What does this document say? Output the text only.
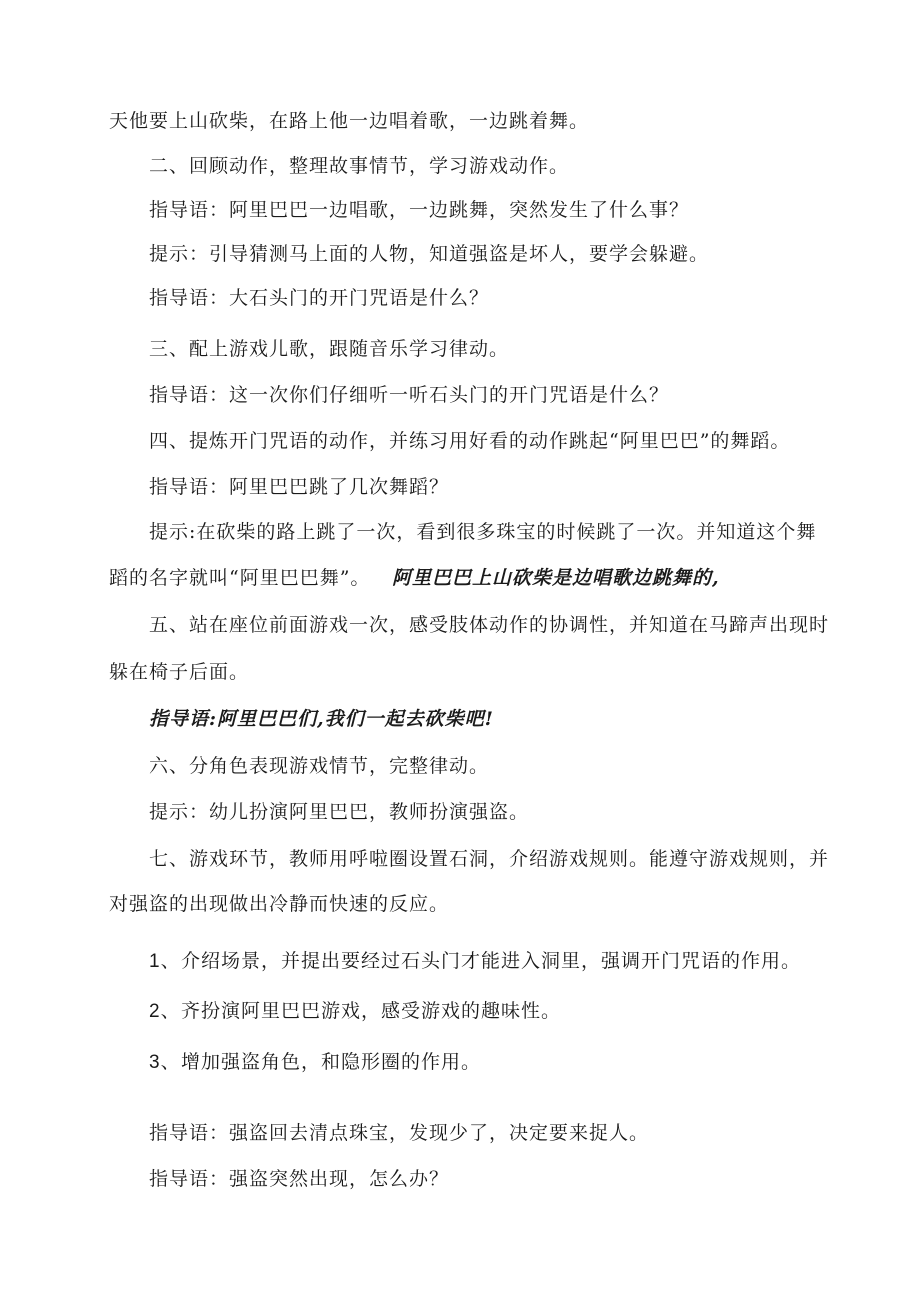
天他要上山砍柴，在路上他一边唱着歌，一边跳着舞。
二、回顾动作，整理故事情节，学习游戏动作。
指导语：阿里巴巴一边唱歌，一边跳舞，突然发生了什么事？
提示：引导猜测马上面的人物，知道强盗是坏人，要学会躲避。
指导语：大石头门的开门咒语是什么？
三、配上游戏儿歌，跟随音乐学习律动。
指导语：这一次你们仔细听一听石头门的开门咒语是什么？
四、提炼开门咒语的动作，并练习用好看的动作跳起“阿里巴巴”的舞蹈。
指导语：阿里巴巴跳了几次舞蹈？
提示:在砍柴的路上跳了一次，看到很多珠宝的时候跳了一次。并知道这个舞
蹈的名字就叫“阿里巴巴舞”。 阿里巴巴上山砍柴是边唱歌边跳舞的,
五、站在座位前面游戏一次，感受肢体动作的协调性，并知道在马蹄声出现时
躲在椅子后面。
指导语:阿里巴巴们,我们一起去砍柴吧!
六、分角色表现游戏情节，完整律动。
提示：幼儿扮演阿里巴巴，教师扮演强盗。
七、游戏环节，教师用呼啦圈设置石洞，介绍游戏规则。能遵守游戏规则，并
对强盗的出现做出冷静而快速的反应。
1、 介绍场景，并提出要经过石头门才能进入洞里，强调开门咒语的作用。
2、 齐扮演阿里巴巴游戏，感受游戏的趣味性。
3、 增加强盗角色，和隐形圈的作用。
指导语：强盗回去清点珠宝，发现少了，决定要来捉人。
指导语：强盗突然出现，怎么办？
